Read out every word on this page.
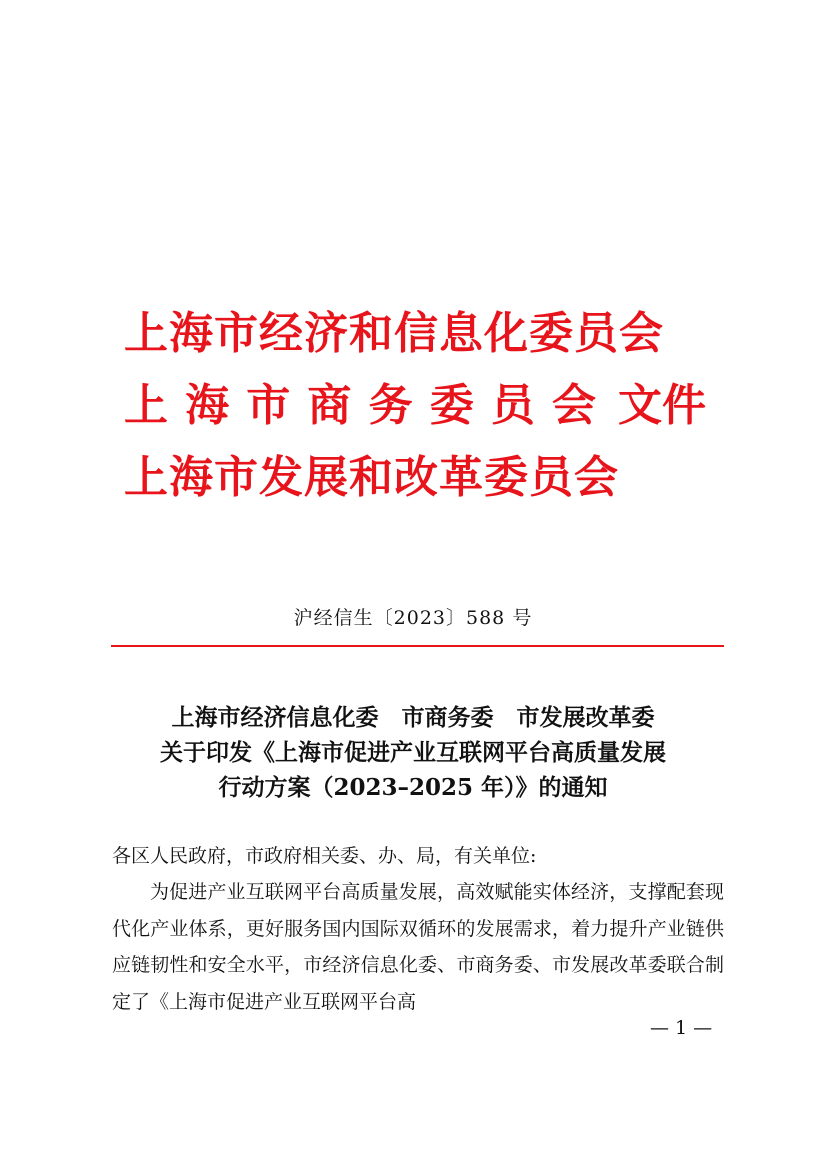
上海市经济和信息化委员会
上 海 市 商 务 委 员 会 文件
上海市发展和改革委员会
沪经信生〔2023〕588 号
上海市经济信息化委　市商务委　市发展改革委
关于印发《上海市促进产业互联网平台高质量发展
行动方案（2023–2025 年）》的通知
各区人民政府，市政府相关委、办、局，有关单位:
为促进产业互联网平台高质量发展，高效赋能实体经济，支撑配套现代化产业体系，更好服务国内国际双循环的发展需求，着力提升产业链供应链韧性和安全水平，市经济信息化委、市商务委、市发展改革委联合制定了《上海市促进产业互联网平台高
— 1 —
